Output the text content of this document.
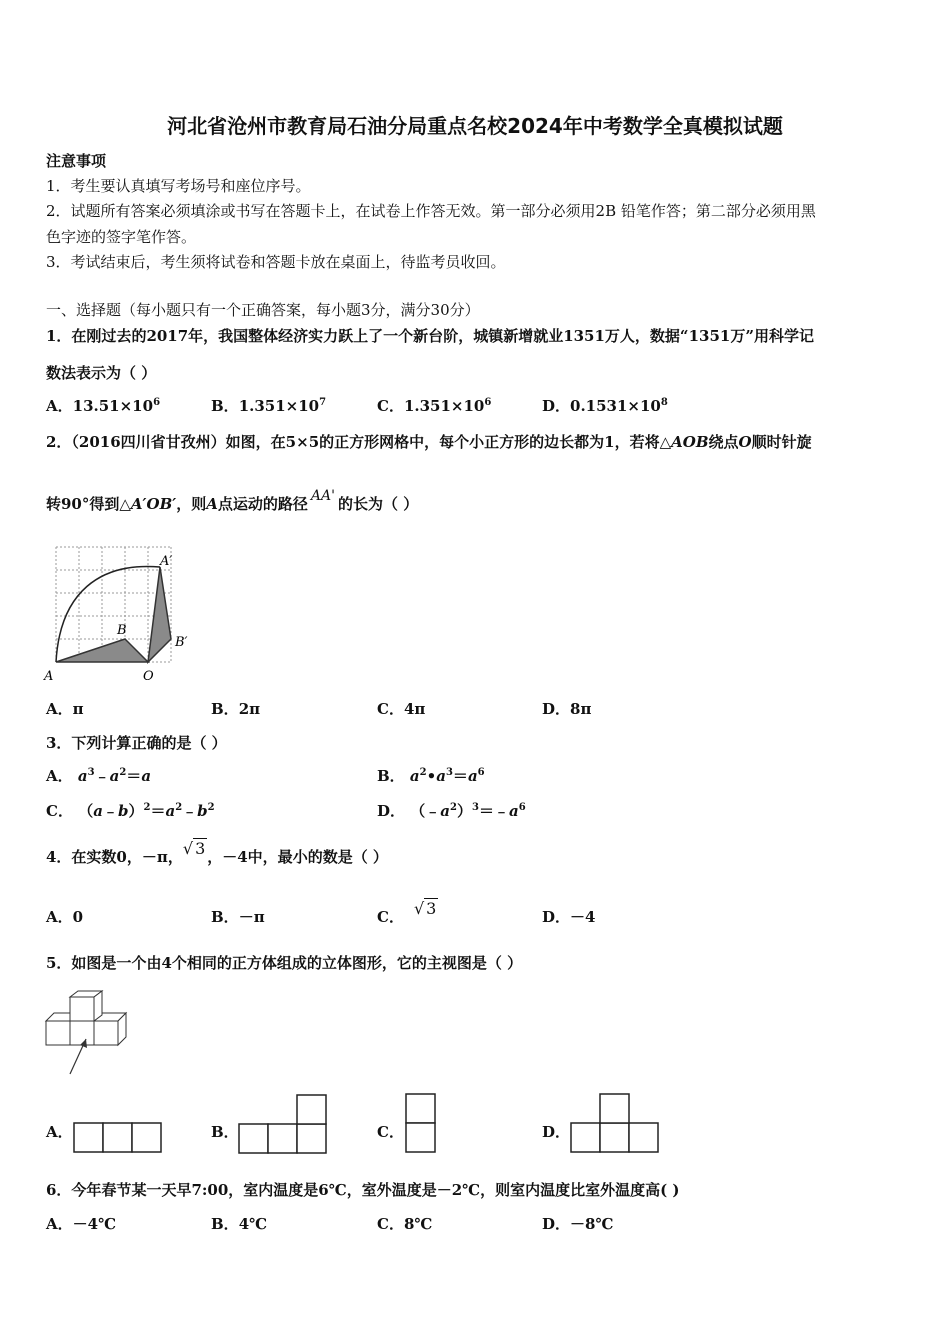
河北省沧州市教育局石油分局重点名校2024年中考数学全真模拟试题
注意事项
1．考生要认真填写考场号和座位序号。
2．试题所有答案必须填涂或书写在答题卡上，在试卷上作答无效。第一部分必须用2B 铅笔作答；第二部分必须用黑
色字迹的签字笔作答。
3．考试结束后，考生须将试卷和答题卡放在桌面上，待监考员收回。
一、选择题（每小题只有一个正确答案，每小题3分，满分30分）
1．在刚过去的2017年，我国整体经济实力跃上了一个新台阶，城镇新增就业1351万人，数据“1351万”用科学记
数法表示为（ ）
A．$13.51\times 10^6$	B．$1.351\times 10^7$	C．$1.351\times 10^6$	D．$0.1531\times 10^8$
2．（2016四川省甘孜州）如图，在5×5的正方形网格中，每个小正方形的边长都为1，若将△AOB绕点O顺时针旋
转90°得到△A′OB′，则A点运动的路径 AA' 的长为（ ）
A	O
B
A′
B′
A．π	B．2π	C．4π	D．8π
3．下列计算正确的是（ ）
A． $a^3﹣a^2=a$	B． $a^2•a^3=a^6$
C． $(a﹣b)^2=a^2﹣b^2$	D． $(﹣a^2)^3=﹣a^6$
4．在实数0，－π，√ 3 ，－4中，最小的数是（ ）
A．0	B．－π	C． √ 3	D．－4
5．如图是一个由4个相同的正方体组成的立体图形，它的主视图是（ ）
A．	B．	C．	D．
6．今年春节某一天早7:00，室内温度是6℃，室外温度是－2℃，则室内温度比室外温度高( )
A．－4℃	B．4℃	C．8℃	D．－8℃
